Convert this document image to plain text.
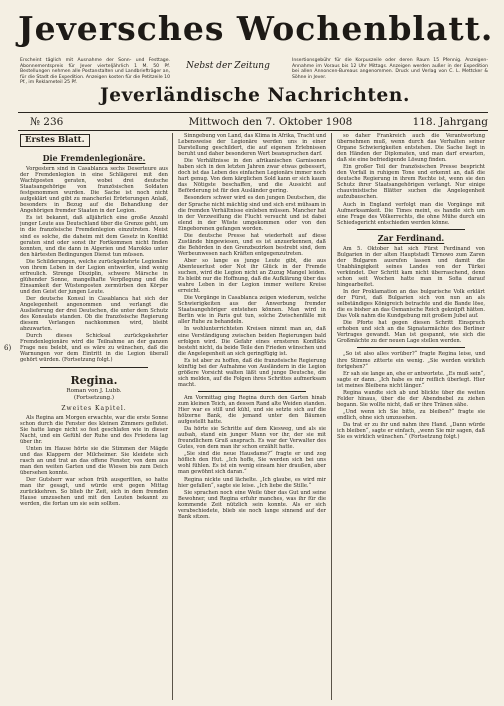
Jeversches Wochenblatt.
Erscheint täglich mit Ausnahme der Sonn- und Festtage. Abonnementspreis für Jever vierteljährlich 1 M. 50 Pf. Bestellungen nehmen alle Postanstalten und Landbriefträger an, für die Stadt die Expedition. Anzeigen kosten für die Petitzeile 10 Pf., im Reklameteil 25 Pf.
Nebst der Zeitung
Insertionsgebühr für die Korpuszeile oder deren Raum 15 Pfennig. Anzeigen-Annahme im Voraus bis 12 Uhr Mittags. Anzeigen werden außer in der Expedition bei allen Annoncen-Bureaus angenommen. Druck und Verlag von C. L. Mettcker & Söhne in Jever.
Jeverländische Nachrichten.
№ 236	Mittwoch den 7. Oktober 1908	118. Jahrgang
6)
Erstes Blatt.
Die Fremdenlegionäre.

Vorgestern sind in Casablanca sechs Deserteure aus der Fremdenlegion in eine Schlägerei mit den Wachtposten geraten, wobei drei deutsche Staatsangehörige von französischen Soldaten festgenommen wurden. Die Sache ist noch nicht aufgeklärt und gibt zu mancherlei Erörterungen Anlaß, besonders in Bezug auf die Behandlung der Angehörigen fremder Staaten in der Legion.

Es ist bekannt, daß alljährlich eine große Anzahl junger Leute aus Deutschland über die Grenze geht, um in die französische Fremdenlegion einzutreten. Meist sind es solche, die daheim mit dem Gesetz in Konflikt geraten sind oder sonst ihr Fortkommen nicht finden konnten, und die dann in Algerien und Marokko unter den härtesten Bedingungen Dienst tun müssen.

Die Schilderungen, welche zurückgekehrte Legionäre von ihrem Leben in der Legion entwerfen, sind wenig erfreulich. Strenge Disziplin, schwere Märsche in glühender Sonne, mangelhafte Verpflegung und die Einsamkeit der Wüstenposten zermürben den Körper und den Geist der jungen Leute.

Der deutsche Konsul in Casablanca hat sich der Angelegenheit angenommen und verlangt die Auslieferung der drei Deutschen, die unter dem Schutz des Konsulats standen. Ob die französische Regierung diesem Verlangen nachkommen wird, bleibt abzuwarten.

Durch dieses Schicksal zurückgekehrter Fremdenlegionäre wird die Teilnahme an der ganzen Frage neu belebt, und es wäre zu wünschen, daß die Warnungen vor dem Eintritt in die Legion überall gehört würden. (Fortsetzung folgt.)

Regina.
Roman von J. Lubb.
(Fortsetzung.)
Zweites Kapitel.

Als Regina am Morgen erwachte, war die erste Sonne schon durch die Fenster des kleinen Zimmers geflutet. Sie hatte lange nicht so fest geschlafen wie in dieser Nacht, und ein Gefühl der Ruhe und des Friedens lag über ihr.

Unten im Hause hörte sie die Stimmen der Mägde und das Klappern der Milcheimer. Sie kleidete sich rasch an und trat an das offene Fenster, von dem aus man den weiten Garten und die Wiesen bis zum Deich übersehen konnte.

Der Gutsherr war schon früh ausgeritten, so hatte man ihr gesagt, und würde erst gegen Mittag zurückkehren. So blieb ihr Zeit, sich in dem fremden Hause umzusehen und mit den Leuten bekannt zu werden, die fortan um sie sein sollten.

Sinngebung von Land, das Klima in Afrika, Tracht und Lebensweise der Legionäre werden uns in einer Darstellung geschildert, die auf eigenen Erlebnissen beruht und daher besonderen Wert beanspruchen darf.

Die Verhältnisse in den afrikanischen Garnisonen haben sich in den letzten Jahren zwar etwas gebessert, doch ist das Leben des einfachen Legionärs immer noch hart genug. Von dem kärglichen Sold kann er sich kaum das Nötigste beschaffen, und die Aussicht auf Beförderung ist für den Ausländer gering.

Besonders schwer wird es den jungen Deutschen, die der Sprache nicht mächtig sind und sich erst mühsam in die fremden Verhältnisse einleben müssen. Mancher hat in der Verzweiflung die Flucht versucht und ist dabei elend in der Wüste umgekommen oder von den Eingeborenen gefangen worden.

Die deutsche Presse hat wiederholt auf diese Zustände hingewiesen, und es ist anzuerkennen, daß die Behörden in den Grenzbezirken bestrebt sind, dem Werbeunwesen nach Kräften entgegenzutreten.

Aber so lange es junge Leute gibt, die aus Abenteuerlust oder Not ihr Glück in der Fremde suchen, wird die Legion nicht an Zuzug Mangel leiden. Es bleibt nur die Hoffnung, daß die Aufklärung über das wahre Leben in der Legion immer weitere Kreise erreicht.

Die Vorgänge in Casablanca zeigen wiederum, welche Schwierigkeiten aus der Anwerbung fremder Staatsangehöriger entstehen können. Man wird in Berlin wie in Paris gut tun, solche Zwischenfälle mit aller Ruhe zu behandeln.

In wohlunterrichteten Kreisen nimmt man an, daß eine Verständigung zwischen beiden Regierungen bald erfolgen wird. Die Gefahr eines ernsteren Konflikts besteht nicht, da beide Teile den Frieden wünschen und die Angelegenheit an sich geringfügig ist.

Es ist aber zu hoffen, daß die französische Regierung künftig bei der Aufnahme von Ausländern in die Legion größere Vorsicht walten läßt und junge Deutsche, die sich melden, auf die Folgen ihres Schrittes aufmerksam macht.

Am Vormittag ging Regina durch den Garten hinab zum kleinen Teich, an dessen Rand alte Weiden standen. Hier war es still und kühl, und sie setzte sich auf die hölzerne Bank, die jemand unter den Bäumen aufgestellt hatte.

Da hörte sie Schritte auf dem Kiesweg, und als sie aufsah, stand ein junger Mann vor ihr, der sie mit freundlichem Gruß ansprach. Es war der Verwalter des Gutes, von dem man ihr schon erzählt hatte.

„Sie sind die neue Hausdame?“ fragte er und zog höflich den Hut. „Ich hoffe, Sie werden sich bei uns wohl fühlen. Es ist ein wenig einsam hier draußen, aber man gewöhnt sich daran.“

Regina nickte und lächelte. „Ich glaube, es wird mir hier gefallen“, sagte sie leise. „Ich liebe die Stille.“

Sie sprachen noch eine Weile über das Gut und seine Bewohner, und Regina erfuhr manches, was ihr für die kommende Zeit nützlich sein konnte. Als er sich verabschiedete, blieb sie noch lange sinnend auf der Bank sitzen.

so daher Frankreich auch die Verantwortung übernehmen muß, wenn durch das Verhalten seiner Organe Schwierigkeiten entstehen. Die Sache liegt in den Händen der Diplomaten, und man darf erwarten, daß sie eine befriedigende Lösung finden.

Ein großer Teil der französischen Presse bespricht den Vorfall in ruhigem Tone und erkennt an, daß die deutsche Regierung in ihrem Rechte ist, wenn sie den Schutz ihrer Staatsangehörigen verlangt. Nur einige chauvinistische Blätter suchen die Angelegenheit aufzubauschen.

Auch in England verfolgt man die Vorgänge mit Aufmerksamkeit. Die Times meint, es handle sich um eine Frage des Völkerrechts, die ohne Mühe durch ein Schiedsgericht entschieden werden könne.

Zar Ferdinand.

Am 5. Oktober hat sich Fürst Ferdinand von Bulgarien in der alten Hauptstadt Tirnowo zum Zaren der Bulgaren ausrufen lassen und damit die Unabhängigkeit seines Landes von der Türkei verkündet. Der Schritt kam nicht überraschend, denn schon seit Wochen hatte man in Sofia darauf hingearbeitet.

In der Proklamation an das bulgarische Volk erklärt der Fürst, daß Bulgarien sich von nun an als selbständiges Königreich betrachte und die Bande löse, die es bisher an das Osmanische Reich geknüpft hätten. Das Volk nahm die Kundgebung mit großem Jubel auf.

Die Pforte hat gegen diesen Schritt Einspruch erhoben und sich an die Signatarmächte des Berliner Vertrages gewandt. Man ist gespannt, wie sich die Großmächte zu der neuen Lage stellen werden.

„So ist also alles vorüber?“ fragte Regina leise, und ihre Stimme zitterte ein wenig. „Sie werden wirklich fortgehen?“

Er sah sie lange an, ehe er antwortete. „Es muß sein“, sagte er dann. „Ich habe es mir reiflich überlegt. Hier ist meines Bleibens nicht länger.“

Regina wandte sich ab und blickte über die weiten Felder hinaus, über die der Abendnebel zu ziehen begann. Sie wollte nicht, daß er ihre Tränen sähe.

„Und wenn ich Sie bitte, zu bleiben?“ fragte sie endlich, ohne sich umzusehen.

Da trat er zu ihr und nahm ihre Hand. „Dann würde ich bleiben“, sagte er einfach, „wenn Sie mir sagen, daß Sie es wirklich wünschen.“ (Fortsetzung folgt.)
